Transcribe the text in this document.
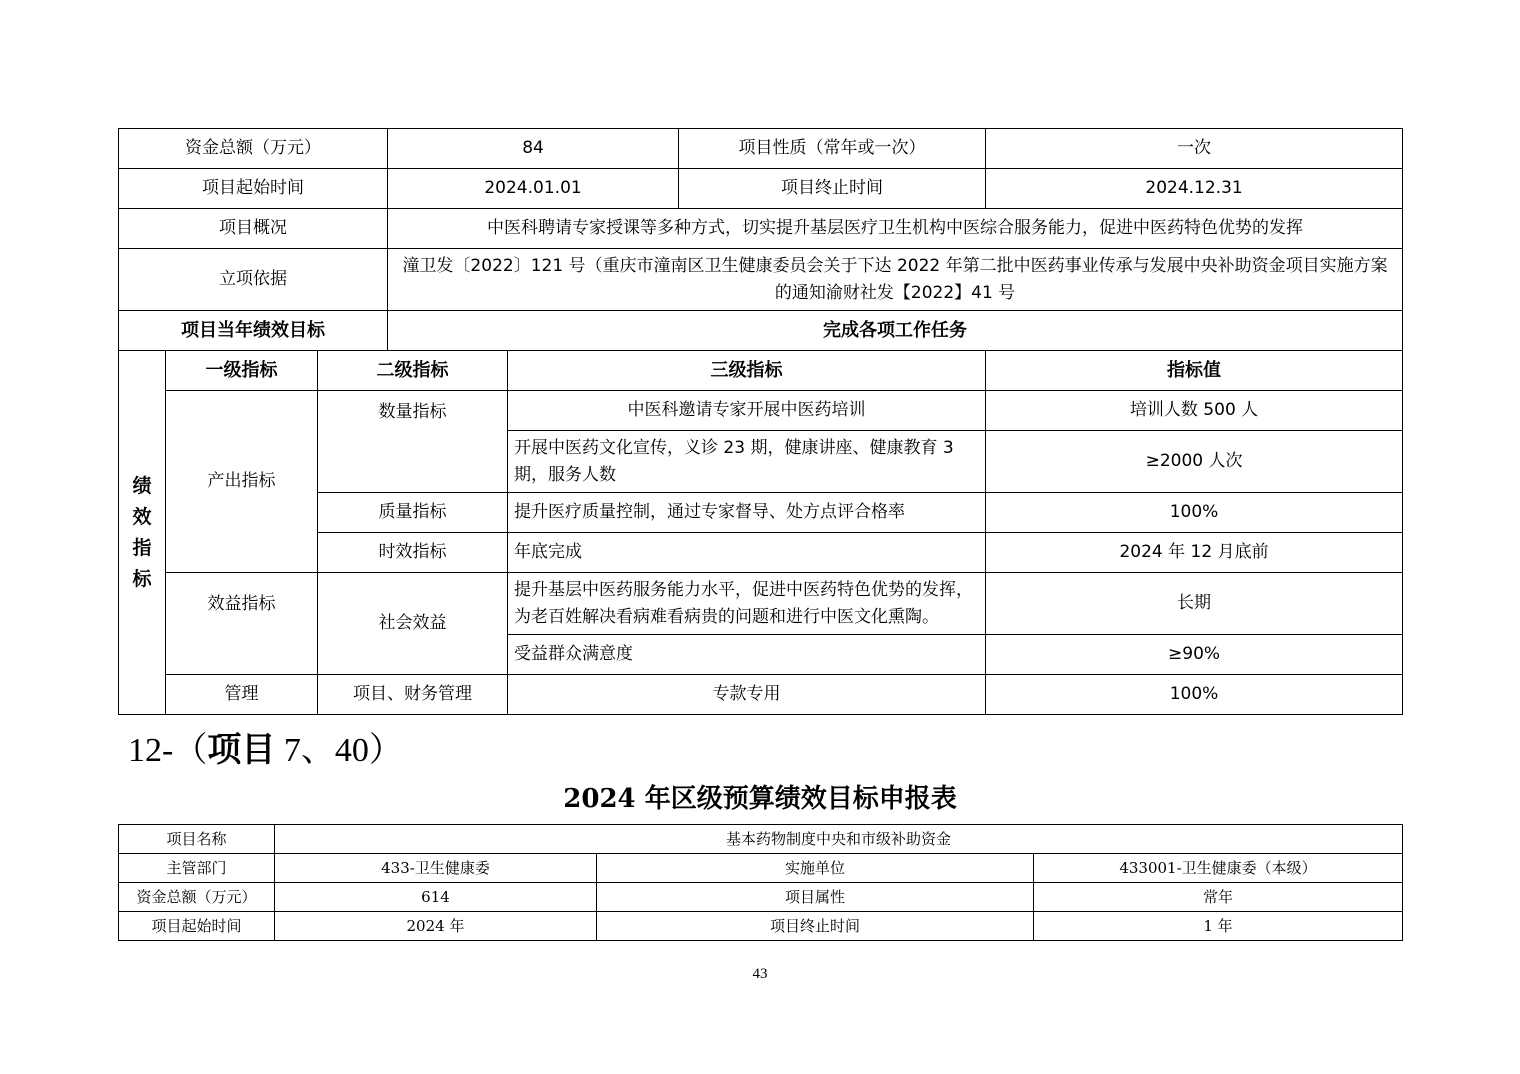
资金总额（万元）			84		项目性质（常年或一次）	一次
项目起始时间			2024.01.01		项目终止时间	2024.12.31
项目概况			中医科聘请专家授课等多种方式，切实提升基层医疗卫生机构中医综合服务能力，促进中医药特色优势的发挥			
立项依据			潼卫发〔2022〕121 号（重庆市潼南区卫生健康委员会关于下达 2022 年第二批中医药事业传承与发展中央补助资金项目实施方案的通知渝财社发【2022】41 号			
项目当年绩效目标			完成各项工作任务			

绩
效
指
标	一级指标	二级指标		三级指标		指标值
	产出指标	数量指标		中医科邀请专家开展中医药培训		培训人数 500 人
				开展中医药文化宣传，义诊 23 期，健康讲座、健康教育 3 期，服务人数		≥2000 人次
		质量指标		提升医疗质量控制，通过专家督导、处方点评合格率		100%
		时效指标		年底完成		2024 年 12 月底前
	效益指标	社会效益		提升基层中医药服务能力水平，促进中医药特色优势的发挥，为老百姓解决看病难看病贵的问题和进行中医文化熏陶。		长期
				受益群众满意度		≥90%
	管理	项目、财务管理		专款专用		100%
12-（项目 7、40）
2024 年区级预算绩效目标申报表
项目名称	基本药物制度中央和市级补助资金		
主管部门	433-卫生健康委	实施单位	433001-卫生健康委（本级）
资金总额（万元）	614	项目属性	常年
项目起始时间	2024 年	项目终止时间	1 年
43
